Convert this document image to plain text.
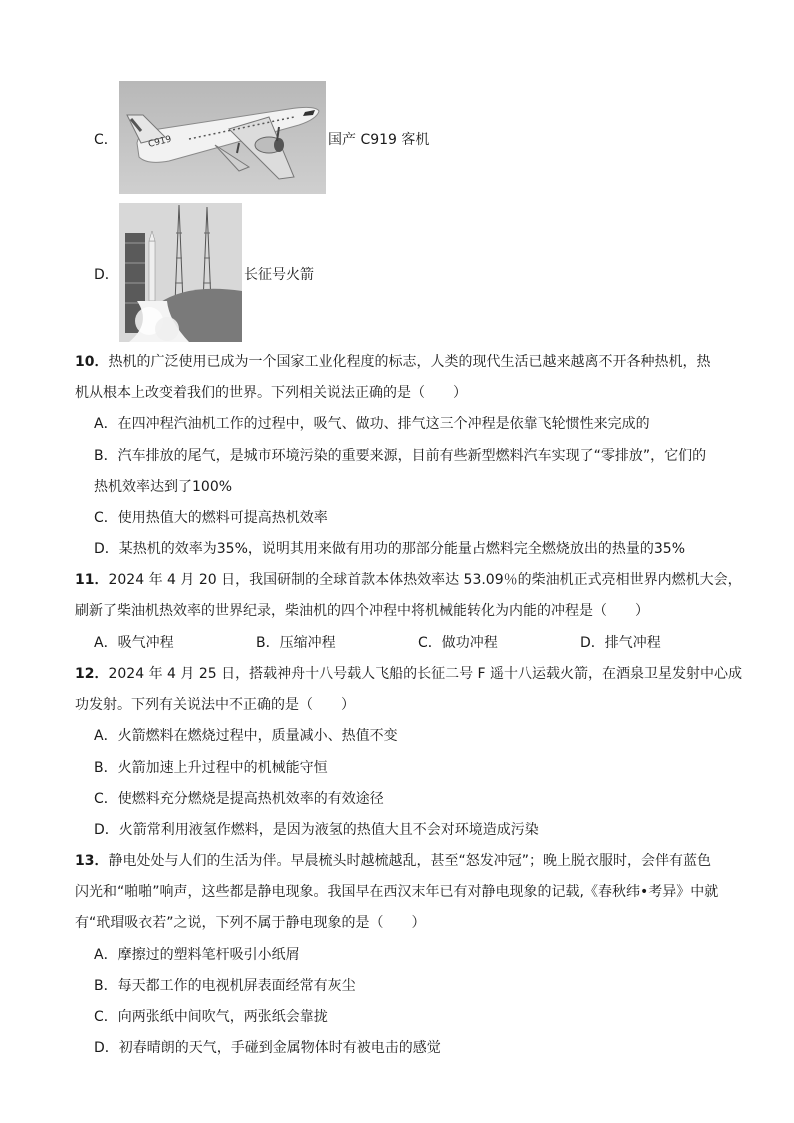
C．	C919	国产 C919 客机
D．	长征号火箭
10．热机的广泛使用已成为一个国家工业化程度的标志，人类的现代生活已越来越离不开各种热机，热
机从根本上改变着我们的世界。下列相关说法正确的是（　　）
A．在四冲程汽油机工作的过程中，吸气、做功、排气这三个冲程是依靠飞轮惯性来完成的
B．汽车排放的尾气，是城市环境污染的重要来源，目前有些新型燃料汽车实现了“零排放”，它们的
热机效率达到了100%
C．使用热值大的燃料可提高热机效率
D．某热机的效率为35%，说明其用来做有用功的那部分能量占燃料完全燃烧放出的热量的35%
11．2024 年 4 月 20 日，我国研制的全球首款本体热效率达 53.09％的柴油机正式亮相世界内燃机大会，
刷新了柴油机热效率的世界纪录，柴油机的四个冲程中将机械能转化为内能的冲程是（　　）
A．吸气冲程	B．压缩冲程	C．做功冲程	D．排气冲程
12．2024 年 4 月 25 日，搭载神舟十八号载人飞船的长征二号 F 遥十八运载火箭，在酒泉卫星发射中心成
功发射。下列有关说法中不正确的是（　　）
A．火箭燃料在燃烧过程中，质量减小、热值不变
B．火箭加速上升过程中的机械能守恒
C．使燃料充分燃烧是提高热机效率的有效途径
D．火箭常利用液氢作燃料，是因为液氢的热值大且不会对环境造成污染
13．静电处处与人们的生活为伴。早晨梳头时越梳越乱，甚至“怒发冲冠”；晚上脱衣服时，会伴有蓝色
闪光和“啪啪”响声，这些都是静电现象。我国早在西汉末年已有对静电现象的记载,《春秋纬•考异》中就
有“玳瑁吸衣若”之说，下列不属于静电现象的是（　　）
A．摩擦过的塑料笔杆吸引小纸屑
B．每天都工作的电视机屏表面经常有灰尘
C．向两张纸中间吹气，两张纸会靠拢
D．初春晴朗的天气，手碰到金属物体时有被电击的感觉
